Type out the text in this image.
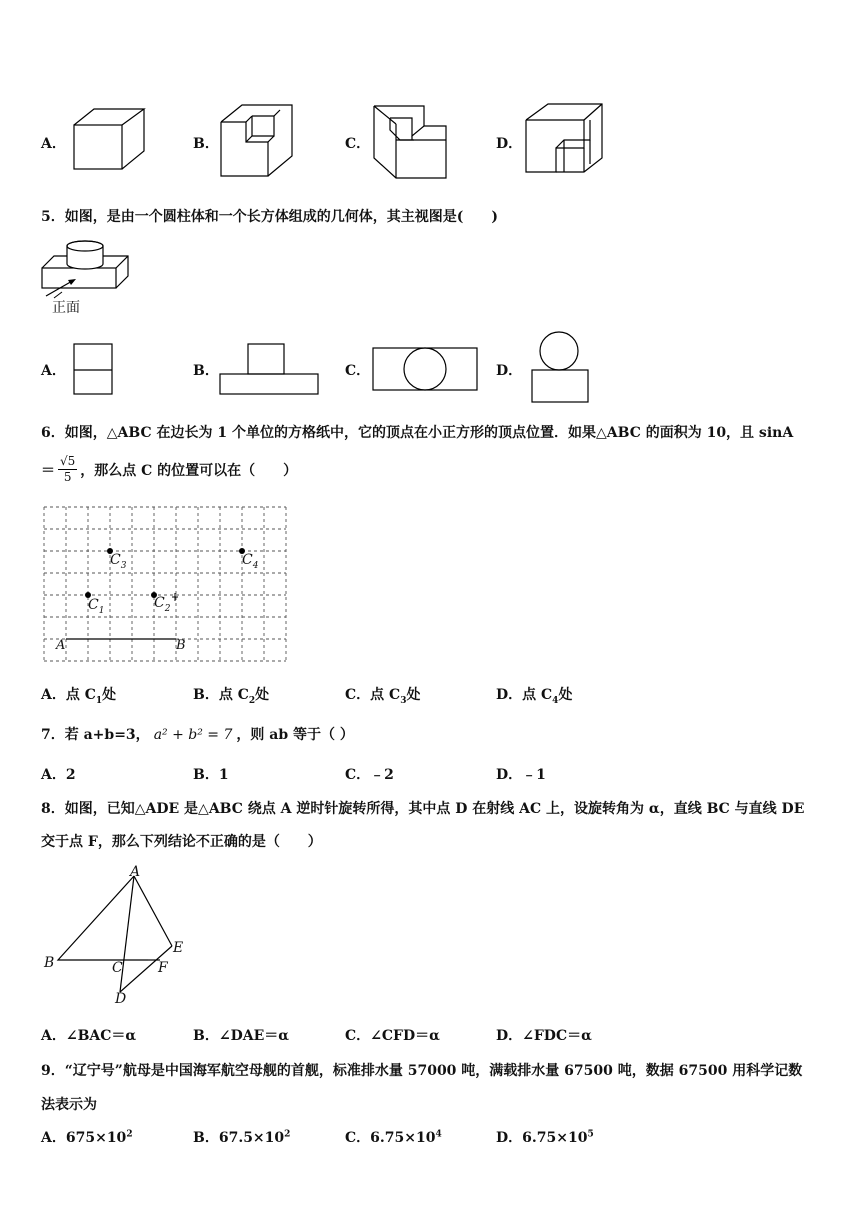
A．	B．	C．	D．
5．如图，是由一个圆柱体和一个长方体组成的几何体，其主视图是(　　)
正面
A．	B．	C．	D．
6．如图，△ABC 在边长为 1 个单位的方格纸中，它的顶点在小正方形的顶点位置．如果△ABC 的面积为 10，且 sinA
＝ $\frac{√5}{5}$ ，那么点 C 的位置可以在（　　）
A	B
$C_3$	$C_4$
$C_1$	$C_2$
A．点 $C_1$处	B．点 $C_2$处	C．点 $C_3$处	D．点 $C_4$处
7．若 a+b=3， a² + b² = 7 ，则 ab 等于（ ）
A．2	B．1	C．﹣2	D．﹣1
8．如图，已知△ADE 是△ABC 绕点 A 逆时针旋转所得，其中点 D 在射线 AC 上，设旋转角为 α，直线 BC 与直线 DE
交于点 F，那么下列结论不正确的是（　　）
A
B	C
D
E
F
A．∠BAC＝α	B．∠DAE＝α	C．∠CFD＝α	D．∠FDC＝α
9．“辽宁号”航母是中国海军航空母舰的首舰，标准排水量 57000 吨，满载排水量 67500 吨，数据 67500 用科学记数
法表示为
A．$675\times 10^2$	B．$67.5\times 10^2$	C．$6.75\times 10^4$	D．$6.75\times 10^5$
